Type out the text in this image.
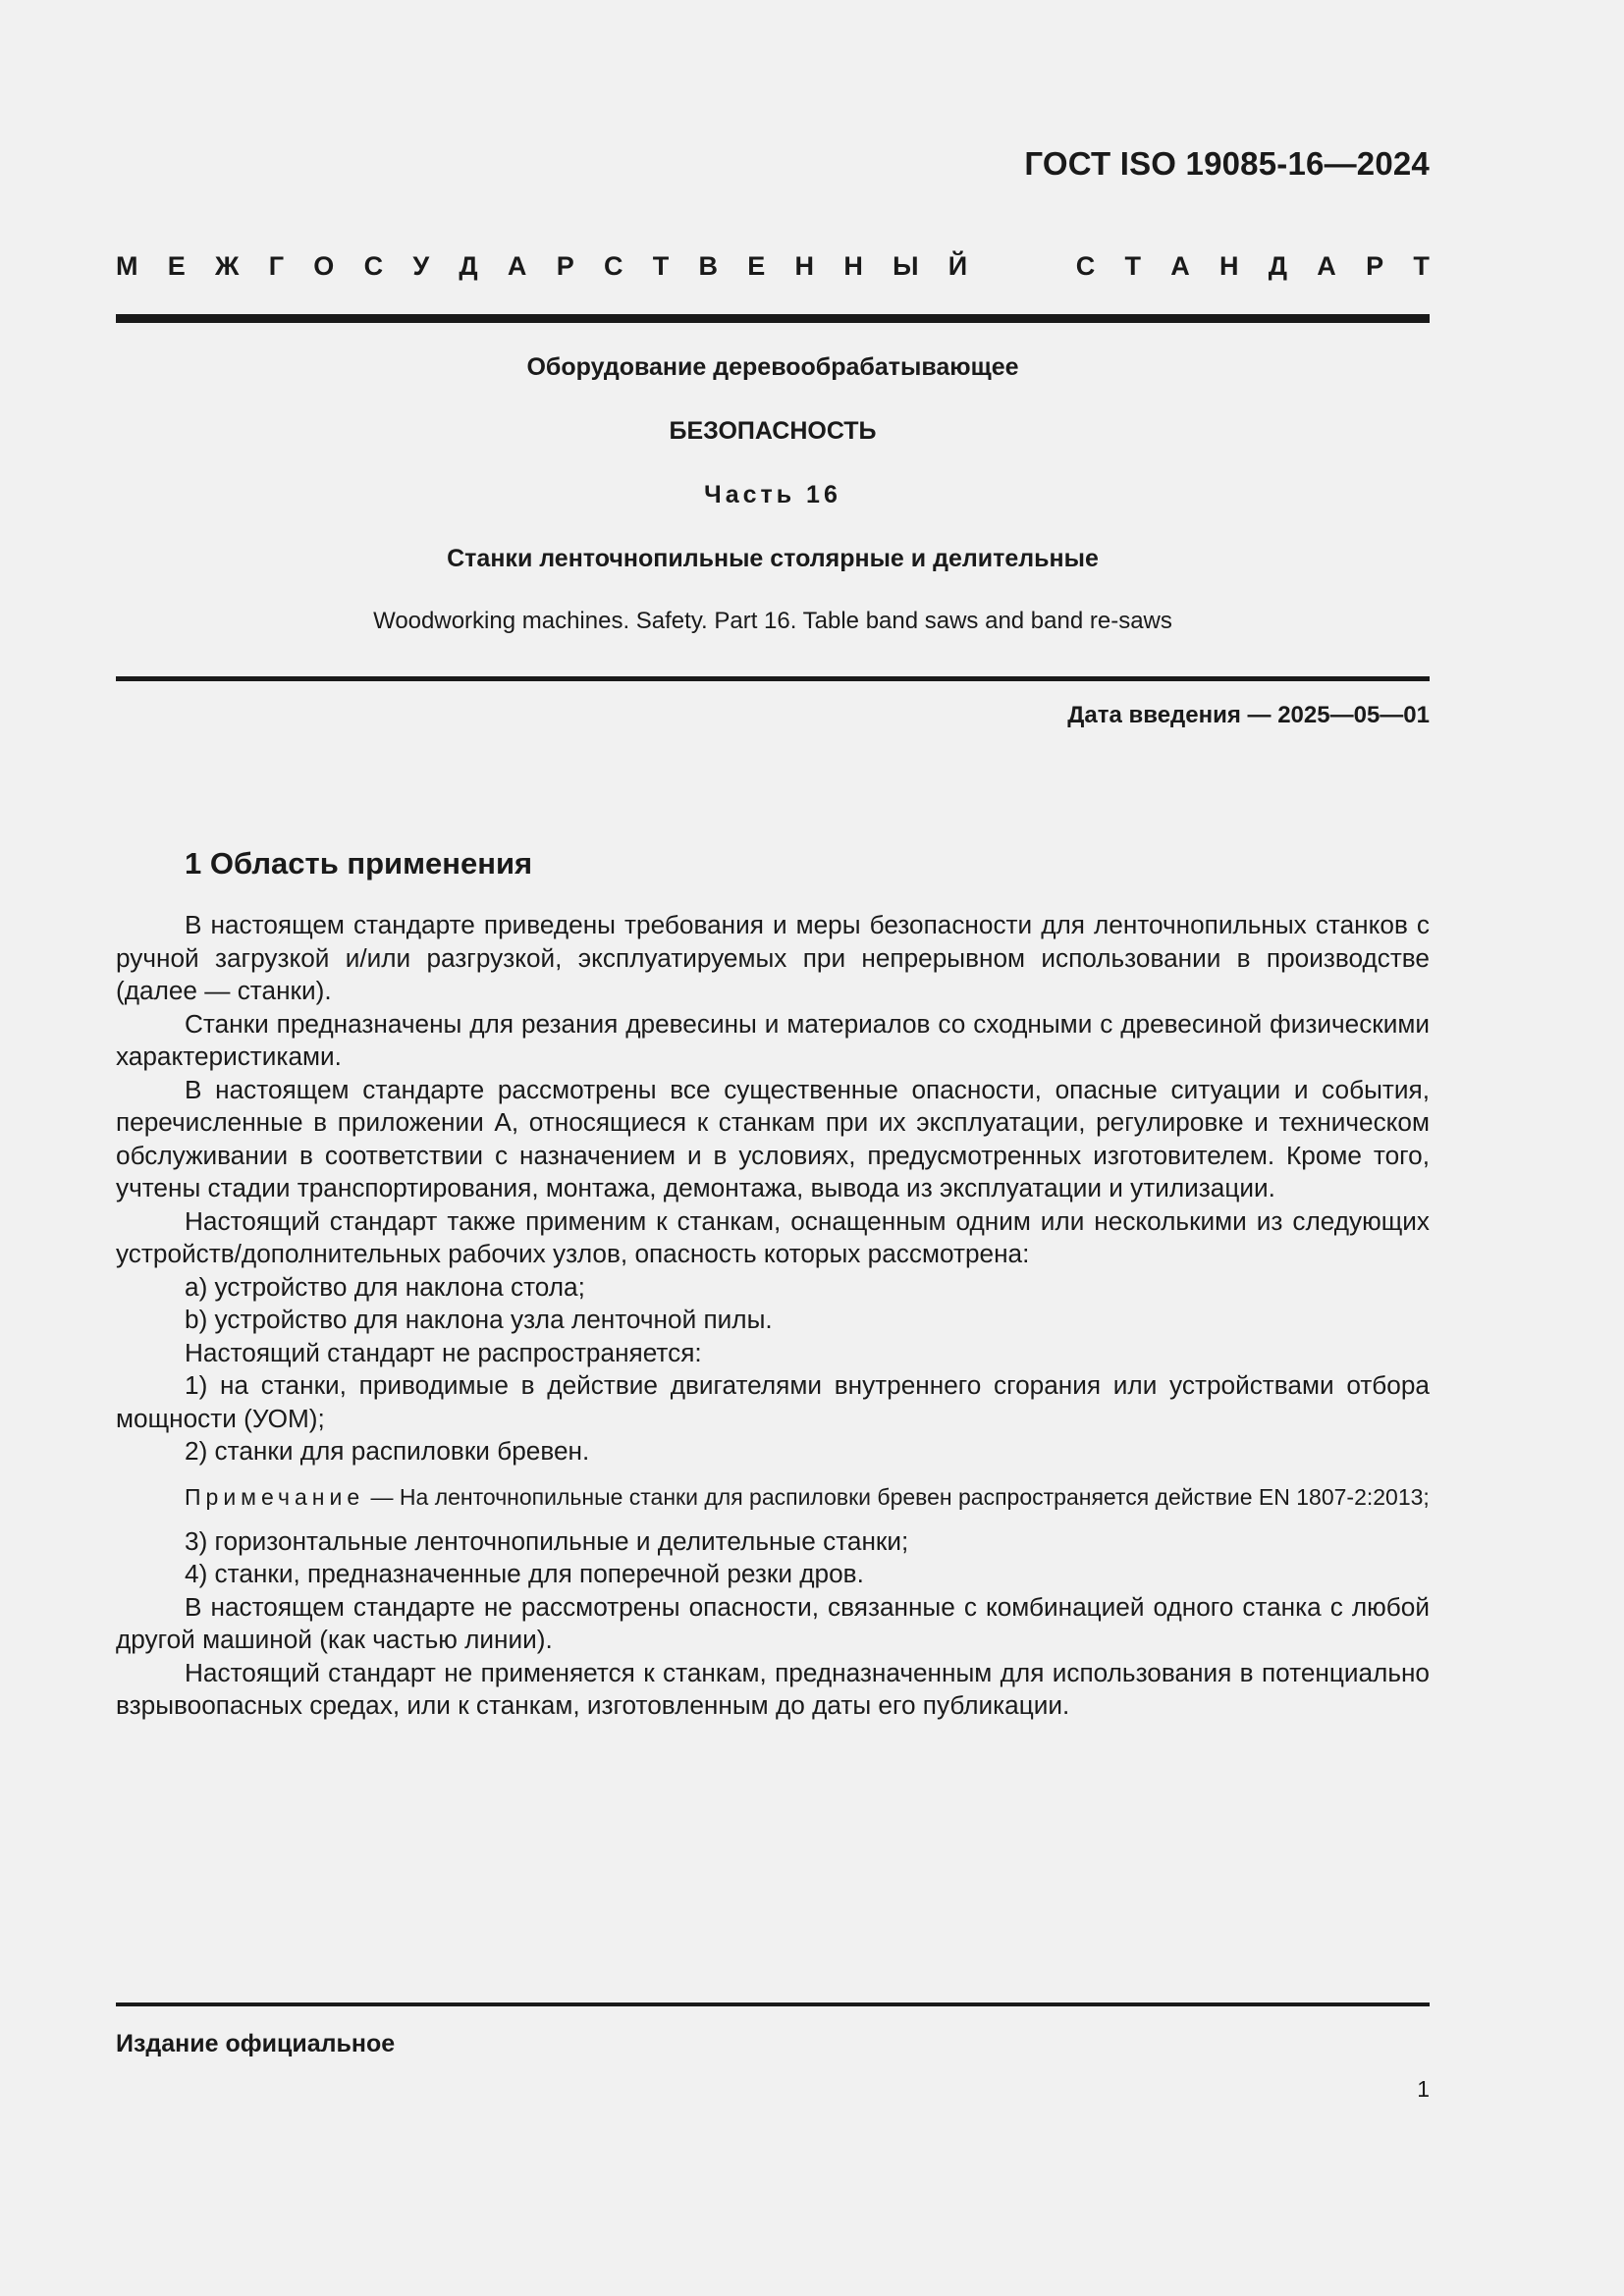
ГОСТ ISO 19085-16—2024
М Е Ж Г О С У Д А Р С Т В Е Н Н Ы Й	С Т А Н Д А Р Т
Оборудование деревообрабатывающее
БЕЗОПАСНОСТЬ
Часть 16
Станки ленточнопильные столярные и делительные
Woodworking machines. Safety. Part 16. Table band saws and band re-saws
Дата введения — 2025—05—01
1 Область применения

В настоящем стандарте приведены требования и меры безопасности для ленточнопильных станков с ручной загрузкой и/или разгрузкой, эксплуатируемых при непрерывном использовании в производстве (далее — станки).

Станки предназначены для резания древесины и материалов со сходными с древесиной физическими характеристиками.

В настоящем стандарте рассмотрены все существенные опасности, опасные ситуации и события, перечисленные в приложении А, относящиеся к станкам при их эксплуатации, регулировке и техническом обслуживании в соответствии с назначением и в условиях, предусмотренных изготовителем. Кроме того, учтены стадии транспортирования, монтажа, демонтажа, вывода из эксплуатации и утилизации.

Настоящий стандарт также применим к станкам, оснащенным одним или несколькими из следующих устройств/дополнительных рабочих узлов, опасность которых рассмотрена:

a) устройство для наклона стола;

b) устройство для наклона узла ленточной пилы.

Настоящий стандарт не распространяется:

1) на станки, приводимые в действие двигателями внутреннего сгорания или устройствами отбора мощности (УОМ);

2) станки для распиловки бревен.

Примечание — На ленточнопильные станки для распиловки бревен распространяется действие EN 1807-2:2013;

3) горизонтальные ленточнопильные и делительные станки;

4) станки, предназначенные для поперечной резки дров.

В настоящем стандарте не рассмотрены опасности, связанные с комбинацией одного станка с любой другой машиной (как частью линии).

Настоящий стандарт не применяется к станкам, предназначенным для использования в потенциально взрывоопасных средах, или к станкам, изготовленным до даты его публикации.

Издание официальное
1
